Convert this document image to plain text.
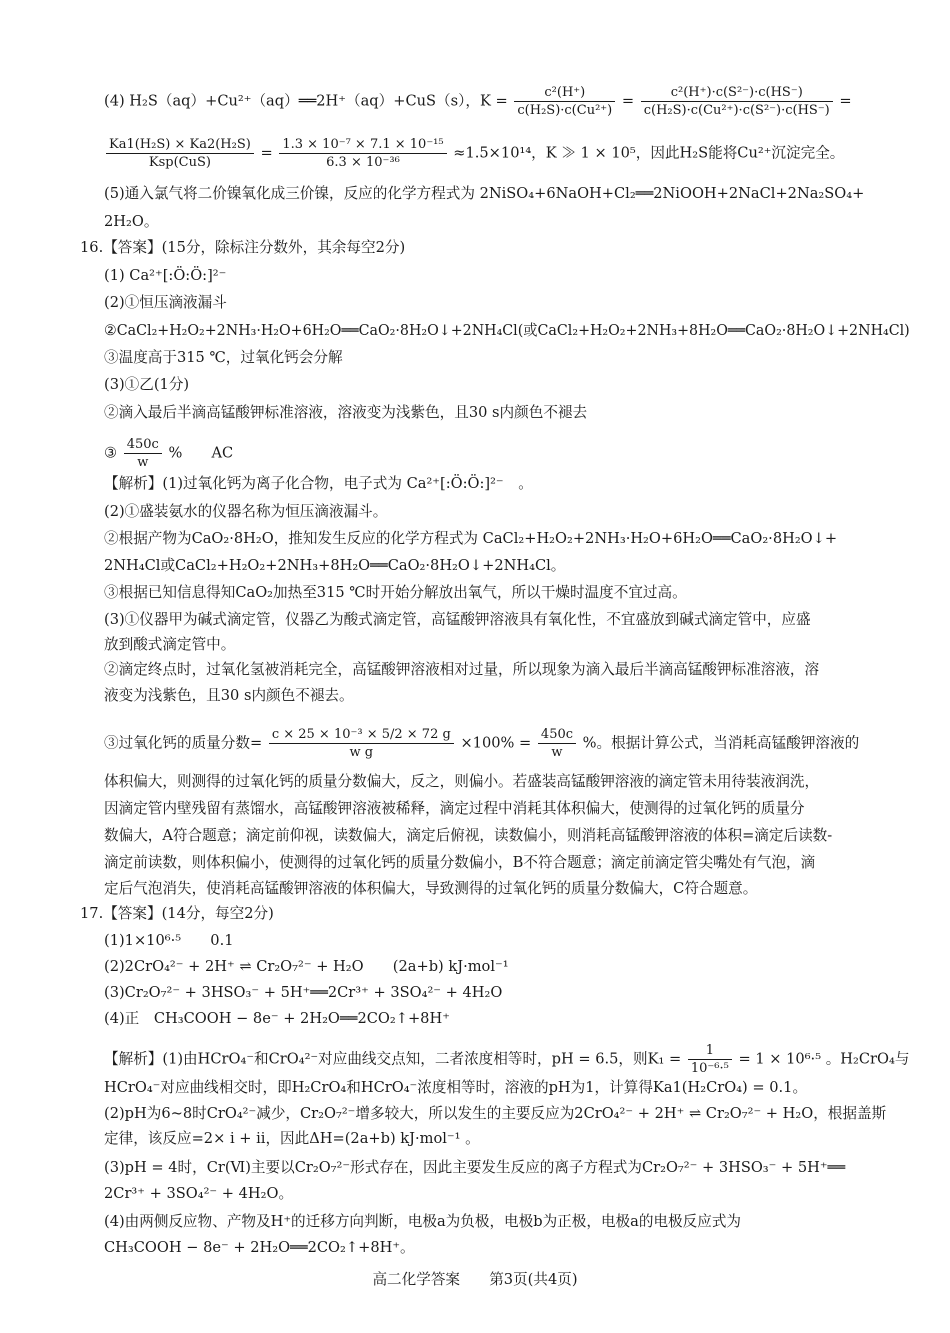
(4) H₂S（aq）+Cu²⁺（aq）══2H⁺（aq）+CuS（s），$K = \frac{\text{c²(H⁺)}}{\text{c(H₂S)·c(Cu²⁺)}} = \frac{\text{c²(H⁺)·c(S²⁻)·c(HS⁻)}}{\text{c(H₂S)·c(Cu²⁺)·c(S²⁻)·c(HS⁻)}}$ =
$\frac{\text{Ka1(H₂S) × Ka2(H₂S)}}{\text{Ksp(CuS)}} = \frac{\text{1.3 × 10⁻⁷ × 7.1 × 10⁻¹⁵}}{\text{6.3 × 10⁻³⁶}} \approx 1.5\times 10^{14}$，K ≫ 1 × 10⁵，因此H₂S能将Cu²⁺沉淀完全。
(5)通入氯气将二价镍氧化成三价镍，反应的化学方程式为 2NiSO₄+6NaOH+Cl₂══2NiOOH+2NaCl+2Na₂SO₄+
2H₂O。
16.【答案】(15分，除标注分数外，其余每空2分)
(1) Ca²⁺[:Ö:Ö:]²⁻
(2)①恒压滴液漏斗
②CaCl₂+H₂O₂+2NH₃·H₂O+6H₂O══CaO₂·8H₂O↓+2NH₄Cl(或CaCl₂+H₂O₂+2NH₃+8H₂O══CaO₂·8H₂O↓+2NH₄Cl)
③温度高于315 ℃，过氧化钙会分解
(3)①乙(1分)
②滴入最后半滴高锰酸钾标准溶液，溶液变为浅紫色，且30 s内颜色不褪去
③ $\frac{450c}{w}$ %　　AC
【解析】(1)过氧化钙为离子化合物，电子式为 Ca²⁺[:Ö:Ö:]²⁻　。
(2)①盛装氨水的仪器名称为恒压滴液漏斗。
②根据产物为CaO₂·8H₂O，推知发生反应的化学方程式为 CaCl₂+H₂O₂+2NH₃·H₂O+6H₂O══CaO₂·8H₂O↓+
2NH₄Cl或CaCl₂+H₂O₂+2NH₃+8H₂O══CaO₂·8H₂O↓+2NH₄Cl。
③根据已知信息得知CaO₂加热至315 ℃时开始分解放出氧气，所以干燥时温度不宜过高。
(3)①仪器甲为碱式滴定管，仪器乙为酸式滴定管，高锰酸钾溶液具有氧化性，不宜盛放到碱式滴定管中，应盛
放到酸式滴定管中。
②滴定终点时，过氧化氢被消耗完全，高锰酸钾溶液相对过量，所以现象为滴入最后半滴高锰酸钾标准溶液，溶
液变为浅紫色，且30 s内颜色不褪去。
③过氧化钙的质量分数= $\frac{\text{c × 25 × 10⁻³ × 5/2 × 72 g}}{\text{w g}} \times 100\% = \frac{450c}{w}$ %。根据计算公式，当消耗高锰酸钾溶液的
体积偏大，则测得的过氧化钙的质量分数偏大，反之，则偏小。若盛装高锰酸钾溶液的滴定管未用待装液润洗，
因滴定管内壁残留有蒸馏水，高锰酸钾溶液被稀释，滴定过程中消耗其体积偏大，使测得的过氧化钙的质量分
数偏大，A符合题意；滴定前仰视，读数偏大，滴定后俯视，读数偏小，则消耗高锰酸钾溶液的体积=滴定后读数-
滴定前读数，则体积偏小，使测得的过氧化钙的质量分数偏小，B不符合题意；滴定前滴定管尖嘴处有气泡，滴
定后气泡消失，使消耗高锰酸钾溶液的体积偏大，导致测得的过氧化钙的质量分数偏大，C符合题意。
17.【答案】(14分，每空2分)
(1)1×10⁶·⁵　　0.1
(2)2CrO₄²⁻ + 2H⁺ ⇌ Cr₂O₇²⁻ + H₂O　　(2a+b) kJ·mol⁻¹
(3)Cr₂O₇²⁻ + 3HSO₃⁻ + 5H⁺══2Cr³⁺ + 3SO₄²⁻ + 4H₂O
(4)正　CH₃COOH − 8e⁻ + 2H₂O══2CO₂↑+8H⁺
【解析】(1)由HCrO₄⁻和CrO₄²⁻对应曲线交点知，二者浓度相等时，pH = 6.5，则$K_1 = \frac{1}{\text{10⁻⁶·⁵}} = 1 \times 10^6\cdot^5$ 。H₂CrO₄与
HCrO₄⁻对应曲线相交时，即H₂CrO₄和HCrO₄⁻浓度相等时，溶液的pH为1，计算得Ka1(H₂CrO₄) = 0.1。
(2)pH为6~8时CrO₄²⁻减少，Cr₂O₇²⁻增多较大，所以发生的主要反应为2CrO₄²⁻ + 2H⁺ ⇌ Cr₂O₇²⁻ + H₂O，根据盖斯
定律，该反应=2× i + ii，因此ΔH=(2a+b) kJ·mol⁻¹ 。
(3)pH = 4时，Cr(Ⅵ)主要以Cr₂O₇²⁻形式存在，因此主要发生反应的离子方程式为Cr₂O₇²⁻ + 3HSO₃⁻ + 5H⁺══
2Cr³⁺ + 3SO₄²⁻ + 4H₂O。
(4)由两侧反应物、产物及H⁺的迁移方向判断，电极a为负极，电极b为正极，电极a的电极反应式为
CH₃COOH − 8e⁻ + 2H₂O══2CO₂↑+8H⁺。
高二化学答案　　第3页(共4页)
